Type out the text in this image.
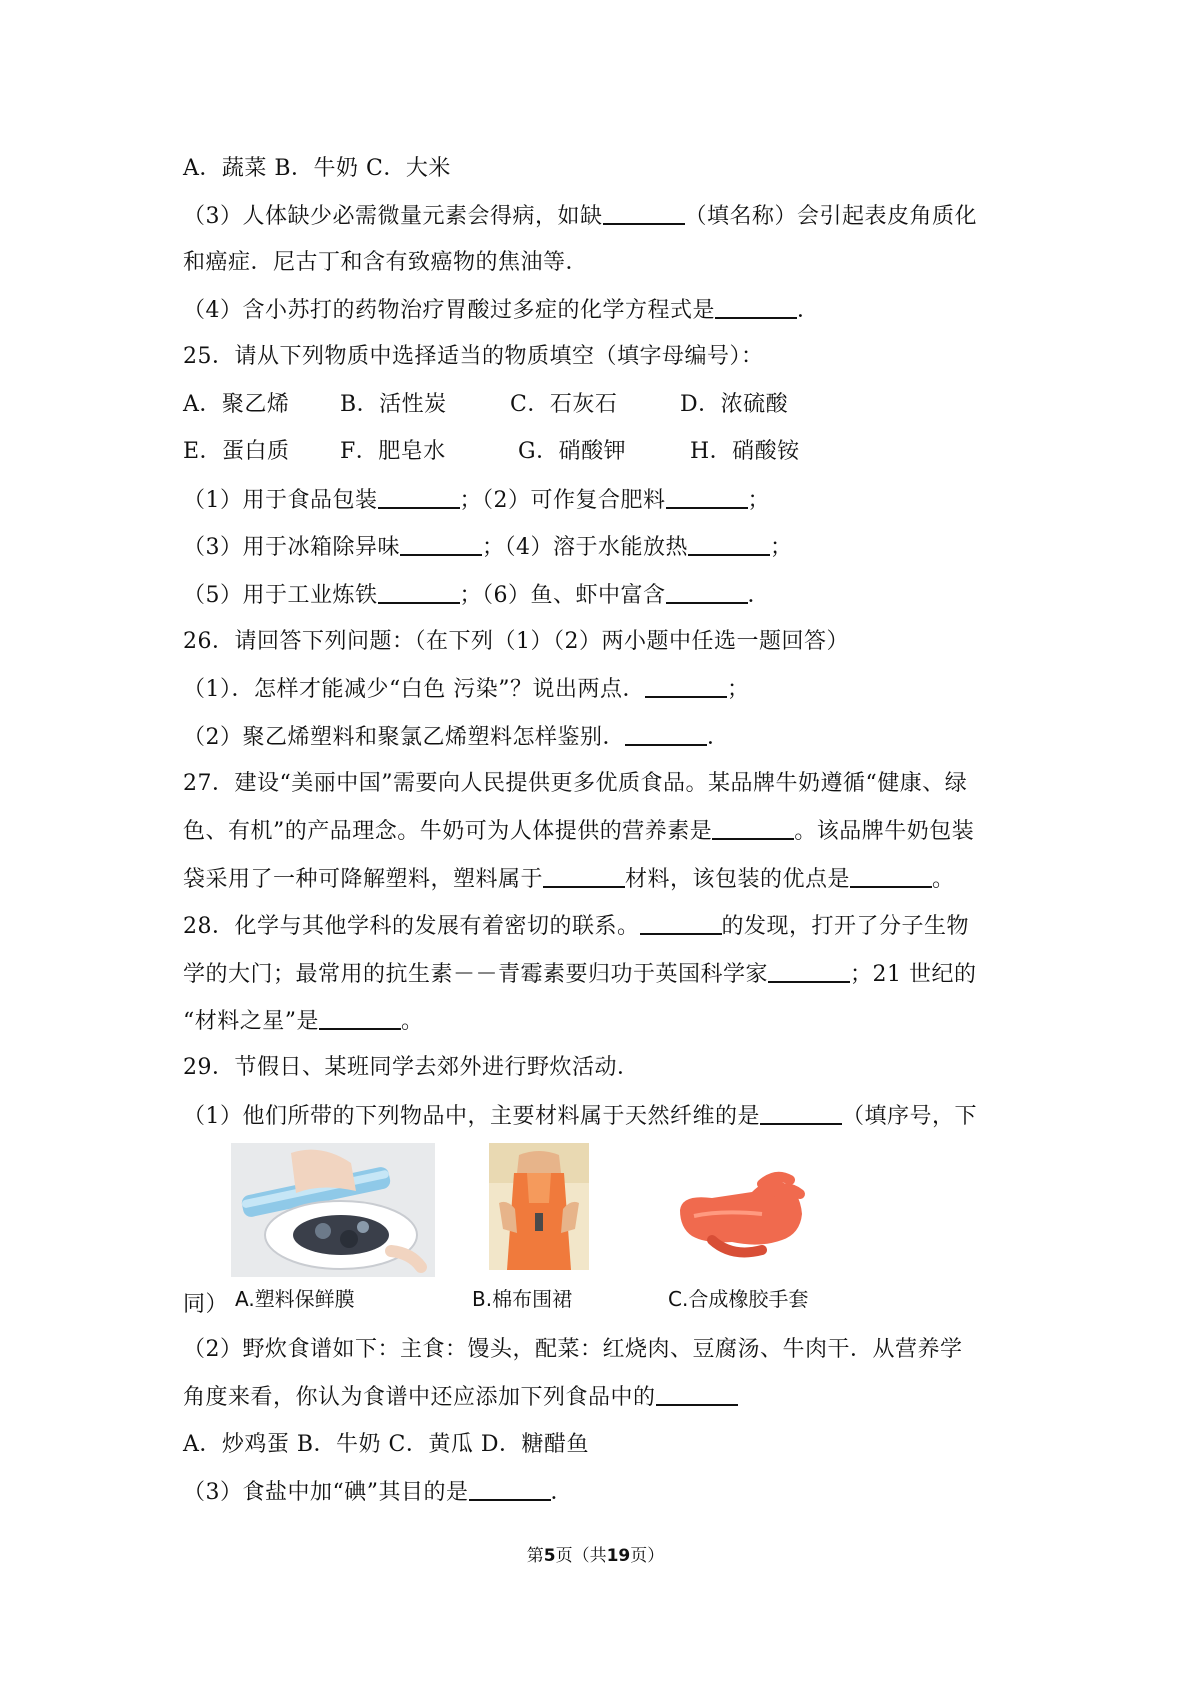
A．蔬菜 B．牛奶 C．大米
（3）人体缺少必需微量元素会得病，如缺	（填名称）会引起表皮角质化
和癌症．尼古丁和含有致癌物的焦油等．
（4）含小苏打的药物治疗胃酸过多症的化学方程式是	．
25．请从下列物质中选择适当的物质填空（填字母编号）：
A．聚乙烯 B．活性炭	C．石灰石	D．浓硫酸
E．蛋白质 F．肥皂水	G．硝酸钾	H．硝酸铵
（1）用于食品包装	；（2）可作复合肥料	；
（3）用于冰箱除异味	；（4）溶于水能放热	；
（5）用于工业炼铁	；（6）鱼、虾中富含	．
26．请回答下列问题：（在下列（1）（2）两小题中任选一题回答）
（1）．怎样才能减少“白色 污染”？说出两点．	；
（2）聚乙烯塑料和聚氯乙烯塑料怎样鉴别．	．
27．建设“美丽中国”需要向人民提供更多优质食品。某品牌牛奶遵循“健康、绿
色、有机”的产品理念。牛奶可为人体提供的营养素是	。该品牌牛奶包装
袋采用了一种可降解塑料，塑料属于	材料，该包装的优点是	。
28．化学与其他学科的发展有着密切的联系。	的发现，打开了分子生物
学的大门；最常用的抗生素－－青霉素要归功于英国科学家	；21 世纪的
“材料之星”是	。
29．节假日、某班同学去郊外进行野炊活动．
（1）他们所带的下列物品中，主要材料属于天然纤维的是	（填序号，下
同） A.塑料保鲜膜	B.棉布围裙	C.合成橡胶手套
（2）野炊食谱如下：主食：馒头，配菜：红烧肉、豆腐汤、牛肉干．从营养学
角度来看，你认为食谱中还应添加下列食品中的
A．炒鸡蛋 B．牛奶 C．黄瓜 D．糖醋鱼
（3）食盐中加“碘”其目的是	．
第5页（共19页）
